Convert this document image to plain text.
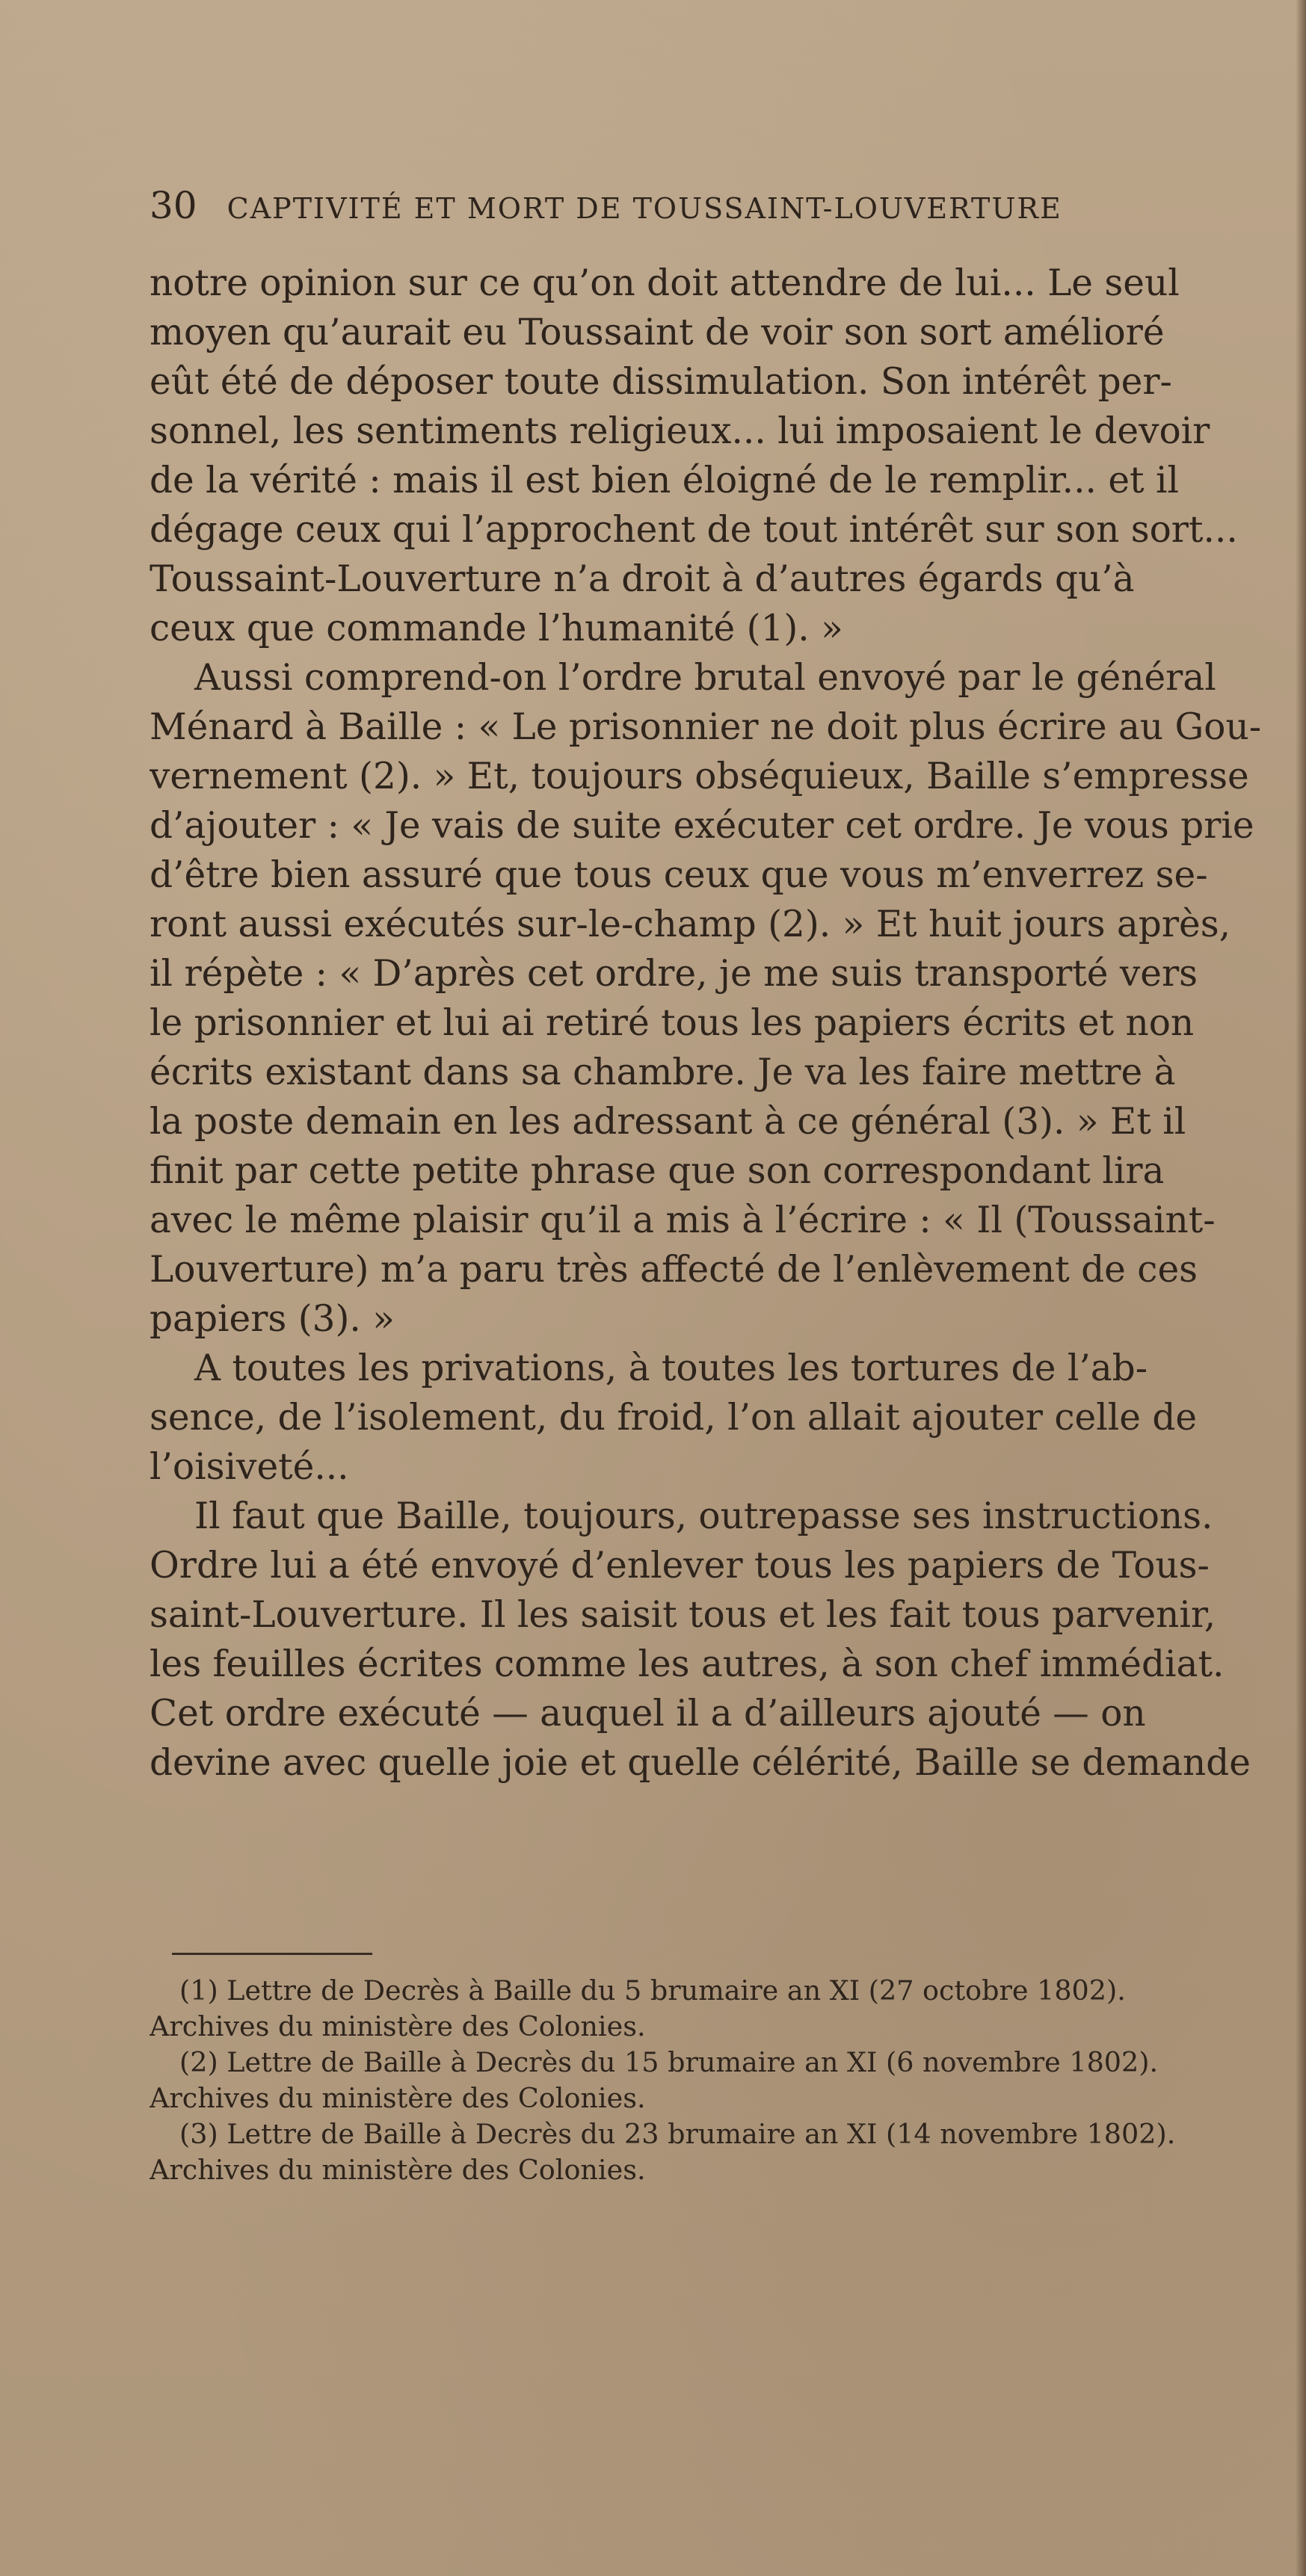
30 CAPTIVITÉ ET MORT DE TOUSSAINT-LOUVERTURE
notre opinion sur ce qu’on doit attendre de lui... Le seul
moyen qu’aurait eu Toussaint de voir son sort amélioré
eût été de déposer toute dissimulation. Son intérêt per-
sonnel, les sentiments religieux... lui imposaient le devoir
de la vérité : mais il est bien éloigné de le remplir... et il
dégage ceux qui l’approchent de tout intérêt sur son sort...
Toussaint-Louverture n’a droit à d’autres égards qu’à
ceux que commande l’humanité (1). »
Aussi comprend-on l’ordre brutal envoyé par le général
Ménard à Baille : « Le prisonnier ne doit plus écrire au Gou-
vernement (2). » Et, toujours obséquieux, Baille s’empresse
d’ajouter : « Je vais de suite exécuter cet ordre. Je vous prie
d’être bien assuré que tous ceux que vous m’enverrez se-
ront aussi exécutés sur-le-champ (2). » Et huit jours après,
il répète : « D’après cet ordre, je me suis transporté vers
le prisonnier et lui ai retiré tous les papiers écrits et non
écrits existant dans sa chambre. Je va les faire mettre à
la poste demain en les adressant à ce général (3). » Et il
finit par cette petite phrase que son correspondant lira
avec le même plaisir qu’il a mis à l’écrire : « Il (Toussaint-
Louverture) m’a paru très affecté de l’enlèvement de ces
papiers (3). »
A toutes les privations, à toutes les tortures de l’ab-
sence, de l’isolement, du froid, l’on allait ajouter celle de
l’oisiveté...
Il faut que Baille, toujours, outrepasse ses instructions.
Ordre lui a été envoyé d’enlever tous les papiers de Tous-
saint-Louverture. Il les saisit tous et les fait tous parvenir,
les feuilles écrites comme les autres, à son chef immédiat.
Cet ordre exécuté — auquel il a d’ailleurs ajouté — on
devine avec quelle joie et quelle célérité, Baille se demande
(1) Lettre de Decrès à Baille du 5 brumaire an XI (27 octobre 1802).
Archives du ministère des Colonies.
(2) Lettre de Baille à Decrès du 15 brumaire an XI (6 novembre 1802).
Archives du ministère des Colonies.
(3) Lettre de Baille à Decrès du 23 brumaire an XI (14 novembre 1802).
Archives du ministère des Colonies.
